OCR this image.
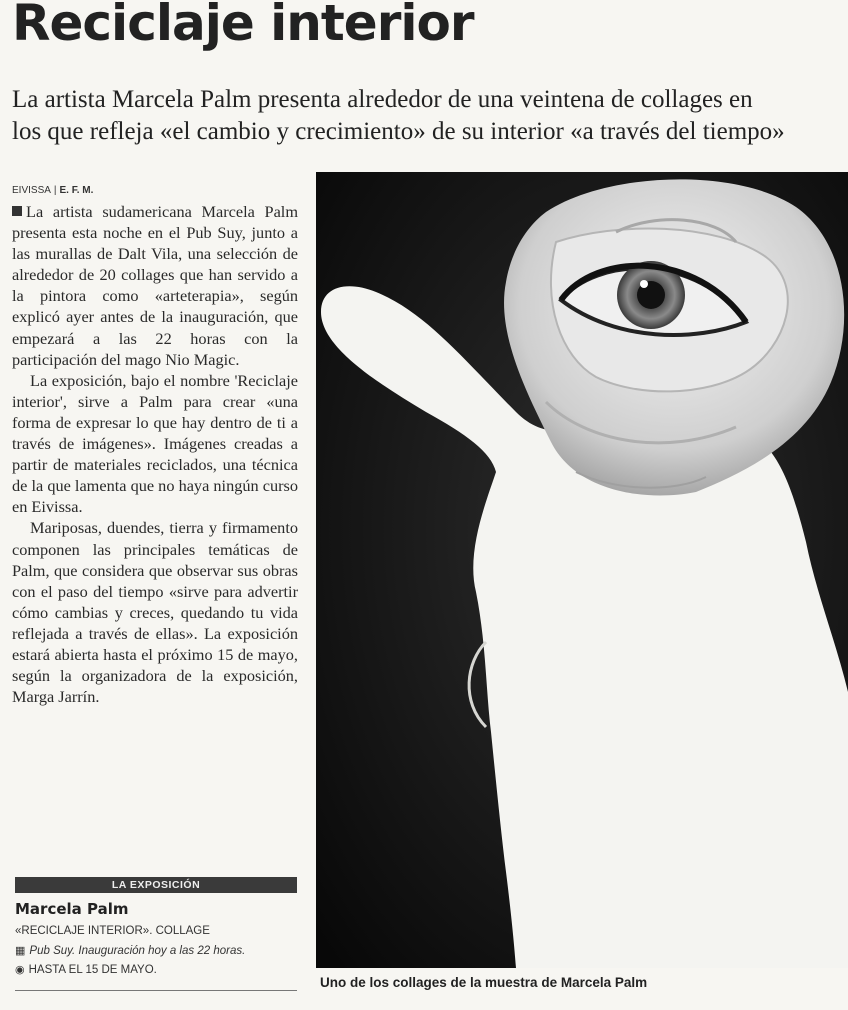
Reciclaje interior
La artista Marcela Palm presenta alrededor de una veintena de collages en
los que refleja «el cambio y crecimiento» de su interior «a través del tiempo»
EIVISSA | E. F. M.

La artista sudamericana Marcela Palm presenta esta noche en el Pub Suy, junto a las murallas de Dalt Vila, una selección de alrededor de 20 collages que han servido a la pintora como «arteterapia», según explicó ayer antes de la inauguración, que empezará a las 22 horas con la participación del mago Nio Magic.

La exposición, bajo el nombre 'Reciclaje interior', sirve a Palm para crear «una forma de expresar lo que hay dentro de ti a través de imágenes». Imágenes creadas a partir de materiales reciclados, una técnica de la que lamenta que no haya ningún curso en Eivissa.

Mariposas, duendes, tierra y firmamento componen las principales temáticas de Palm, que considera que observar sus obras con el paso del tiempo «sirve para advertir cómo cambias y creces, quedando tu vida reflejada a través de ellas». La exposición estará abierta hasta el próximo 15 de mayo, según la organizadora de la exposición, Marga Jarrín.

LA EXPOSICIÓN
Marcela Palm
«RECICLAJE INTERIOR». COLLAGE
▦ Pub Suy. Inauguración hoy a las 22 horas.
◉ HASTA EL 15 DE MAYO.
Uno de los collages de la muestra de Marcela Palm
